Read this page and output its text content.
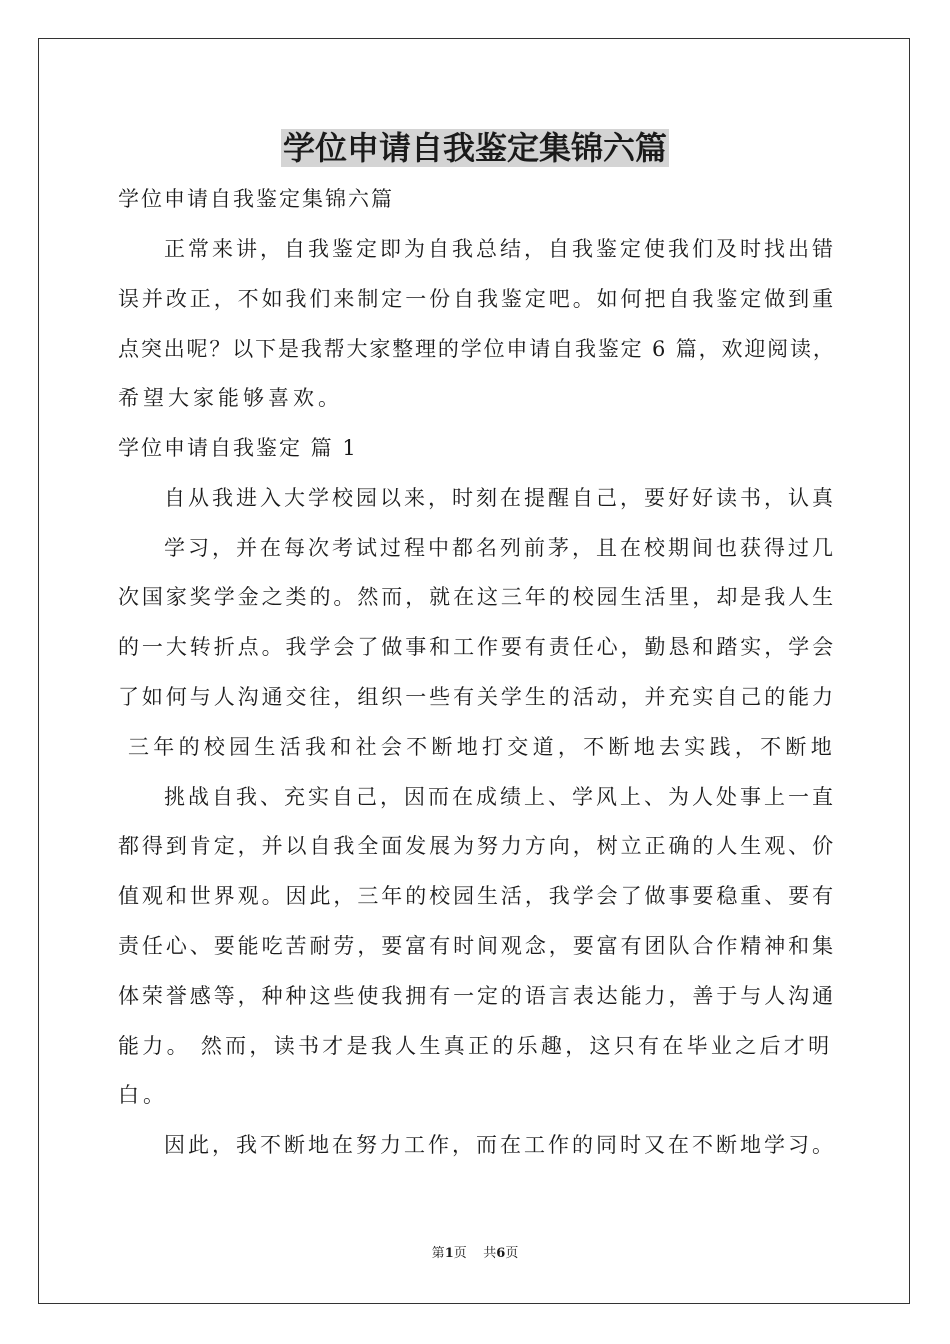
学位申请自我鉴定集锦六篇
学位申请自我鉴定集锦六篇
正常来讲，自我鉴定即为自我总结，自我鉴定使我们及时找出错
误并改正，不如我们来制定一份自我鉴定吧。如何把自我鉴定做到重
点突出呢？以下是我帮大家整理的学位申请自我鉴定 6 篇，欢迎阅读，
希望大家能够喜欢。
学位申请自我鉴定 篇 1
自从我进入大学校园以来，时刻在提醒自己，要好好读书，认真
学习，并在每次考试过程中都名列前茅，且在校期间也获得过几
次国家奖学金之类的。然而，就在这三年的校园生活里，却是我人生
的一大转折点。我学会了做事和工作要有责任心，勤恳和踏实，学会
了如何与人沟通交往，组织一些有关学生的活动，并充实自己的能力
三年的校园生活我和社会不断地打交道，不断地去实践，不断地
挑战自我、充实自己，因而在成绩上、学风上、为人处事上一直
都得到肯定，并以自我全面发展为努力方向，树立正确的人生观、价
值观和世界观。因此，三年的校园生活，我学会了做事要稳重、要有
责任心、要能吃苦耐劳，要富有时间观念，要富有团队合作精神和集
体荣誉感等，种种这些使我拥有一定的语言表达能力，善于与人沟通
能力。 然而，读书才是我人生真正的乐趣，这只有在毕业之后才明
白。
因此，我不断地在努力工作，而在工作的同时又在不断地学习。
第1页    共6页
